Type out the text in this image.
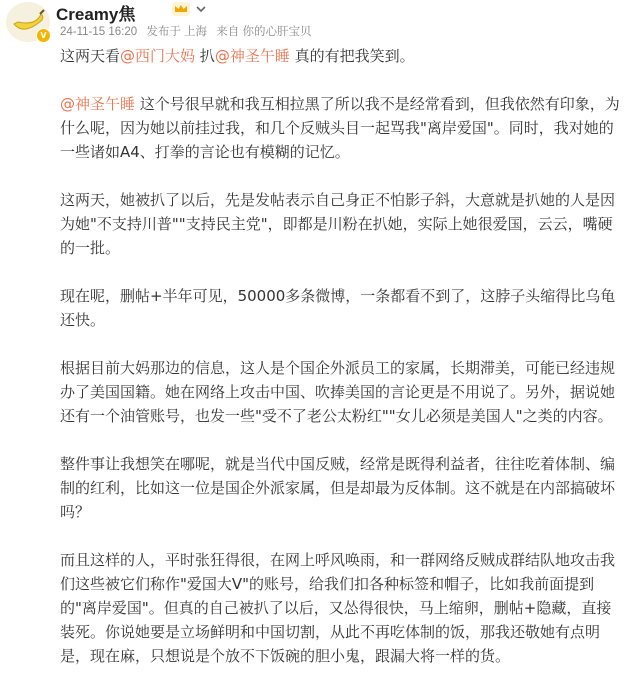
V
Creamy焦
24-11-15 16:20 发布于 上海 来自 你的心肝宝贝

这两天看@西门大妈 扒@神圣午睡 真的有把我笑到。

@神圣午睡 这个号很早就和我互相拉黑了所以我不是经常看到，但我依然有印象，为什么呢，因为她以前挂过我，和几个反贼头目一起骂我"离岸爱国"。同时，我对她的一些诸如A4、打拳的言论也有模糊的记忆。

这两天，她被扒了以后，先是发帖表示自己身正不怕影子斜，大意就是扒她的人是因为她"不支持川普""支持民主党"，即都是川粉在扒她，实际上她很爱国，云云，嘴硬的一批。

现在呢，删帖+半年可见，50000多条微博，一条都看不到了，这脖子头缩得比乌龟还快。

根据目前大妈那边的信息，这人是个国企外派员工的家属，长期滞美，可能已经违规办了美国国籍。她在网络上攻击中国、吹捧美国的言论更是不用说了。另外，据说她还有一个油管账号，也发一些"受不了老公太粉红""女儿必须是美国人"之类的内容。

整件事让我想笑在哪呢，就是当代中国反贼，经常是既得利益者，往往吃着体制、编制的红利，比如这一位是国企外派家属，但是却最为反体制。这不就是在内部搞破坏吗？

而且这样的人，平时张狂得很，在网上呼风唤雨，和一群网络反贼成群结队地攻击我们这些被它们称作"爱国大V"的账号，给我们扣各种标签和帽子，比如我前面提到的"离岸爱国"。但真的自己被扒了以后，又怂得很快，马上缩卵，删帖+隐藏，直接装死。你说她要是立场鲜明和中国切割，从此不再吃体制的饭，那我还敬她有点明是，现在麻，只想说是个放不下饭碗的胆小鬼，跟漏大将一样的货。
